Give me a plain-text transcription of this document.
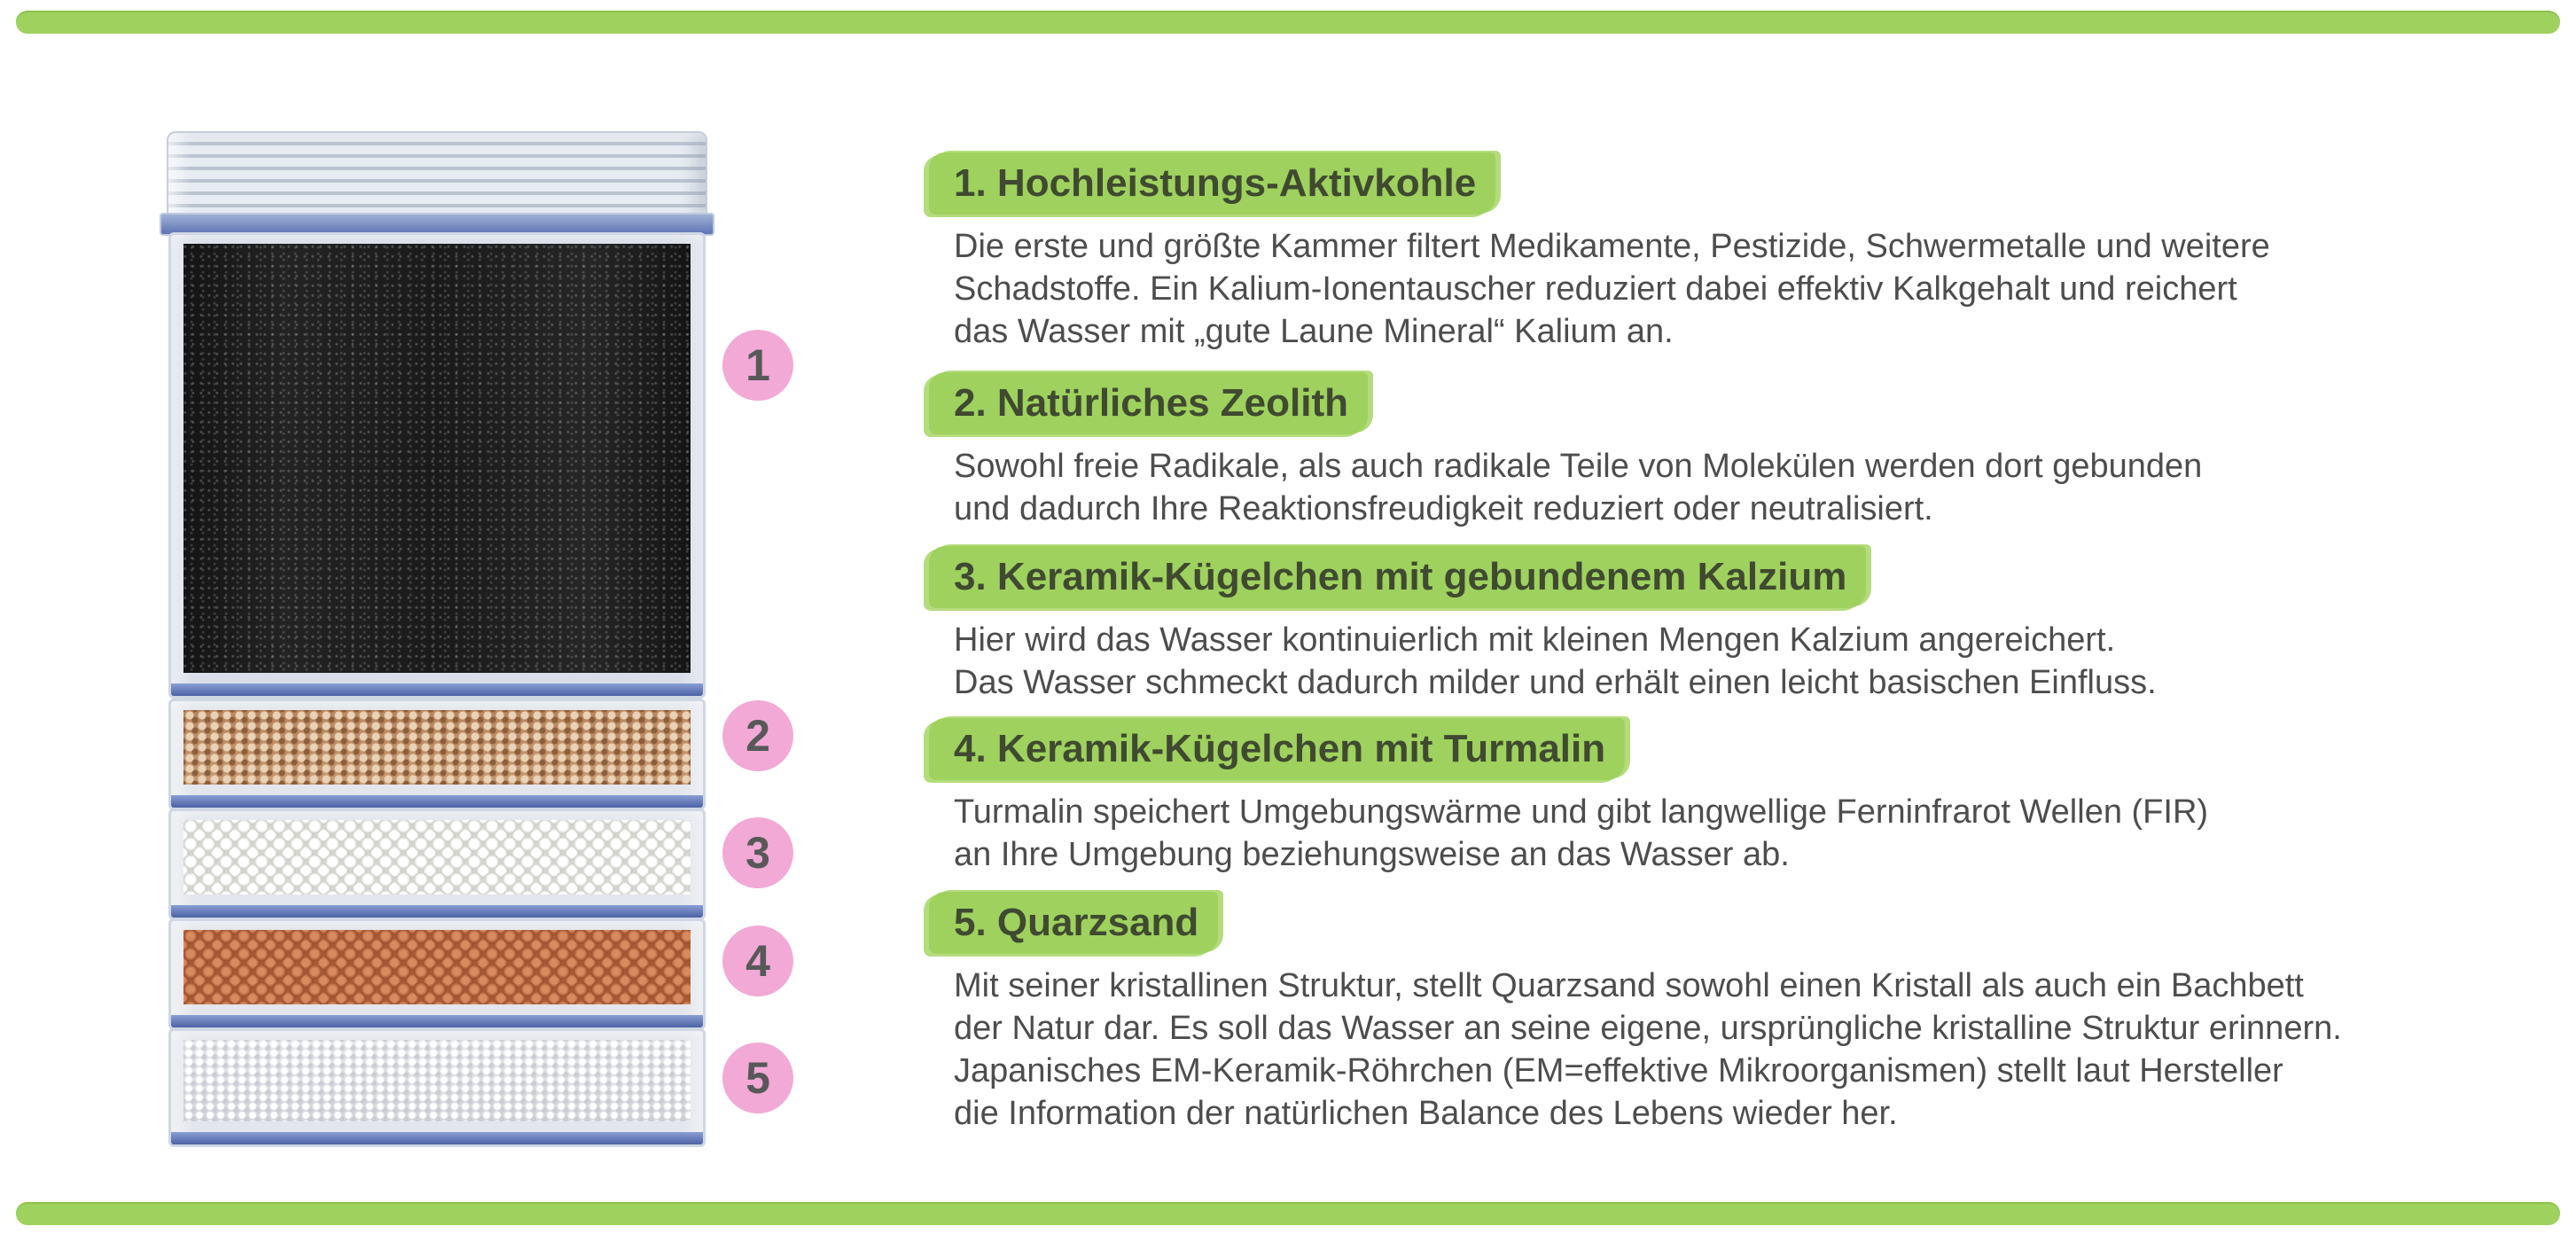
1
2
3
4
5
1. Hochleistungs-Aktivkohle
Die erste und größte Kammer filtert Medikamente, Pestizide, Schwermetalle und weitere
Schadstoffe. Ein Kalium-Ionentauscher reduziert dabei effektiv Kalkgehalt und reichert
das Wasser mit „gute Laune Mineral“ Kalium an.
2. Natürliches Zeolith
Sowohl freie Radikale, als auch radikale Teile von Molekülen werden dort gebunden
und dadurch Ihre Reaktionsfreudigkeit reduziert oder neutralisiert.
3. Keramik-Kügelchen mit gebundenem Kalzium
Hier wird das Wasser kontinuierlich mit kleinen Mengen Kalzium angereichert.
Das Wasser schmeckt dadurch milder und erhält einen leicht basischen Einfluss.
4. Keramik-Kügelchen mit Turmalin
Turmalin speichert Umgebungswärme und gibt langwellige Ferninfrarot Wellen (FIR)
an Ihre Umgebung beziehungsweise an das Wasser ab.
5. Quarzsand
Mit seiner kristallinen Struktur, stellt Quarzsand sowohl einen Kristall als auch ein Bachbett
der Natur dar. Es soll das Wasser an seine eigene, ursprüngliche kristalline Struktur erinnern.
Japanisches EM-Keramik-Röhrchen (EM=effektive Mikroorganismen) stellt laut Hersteller
die Information der natürlichen Balance des Lebens wieder her.
